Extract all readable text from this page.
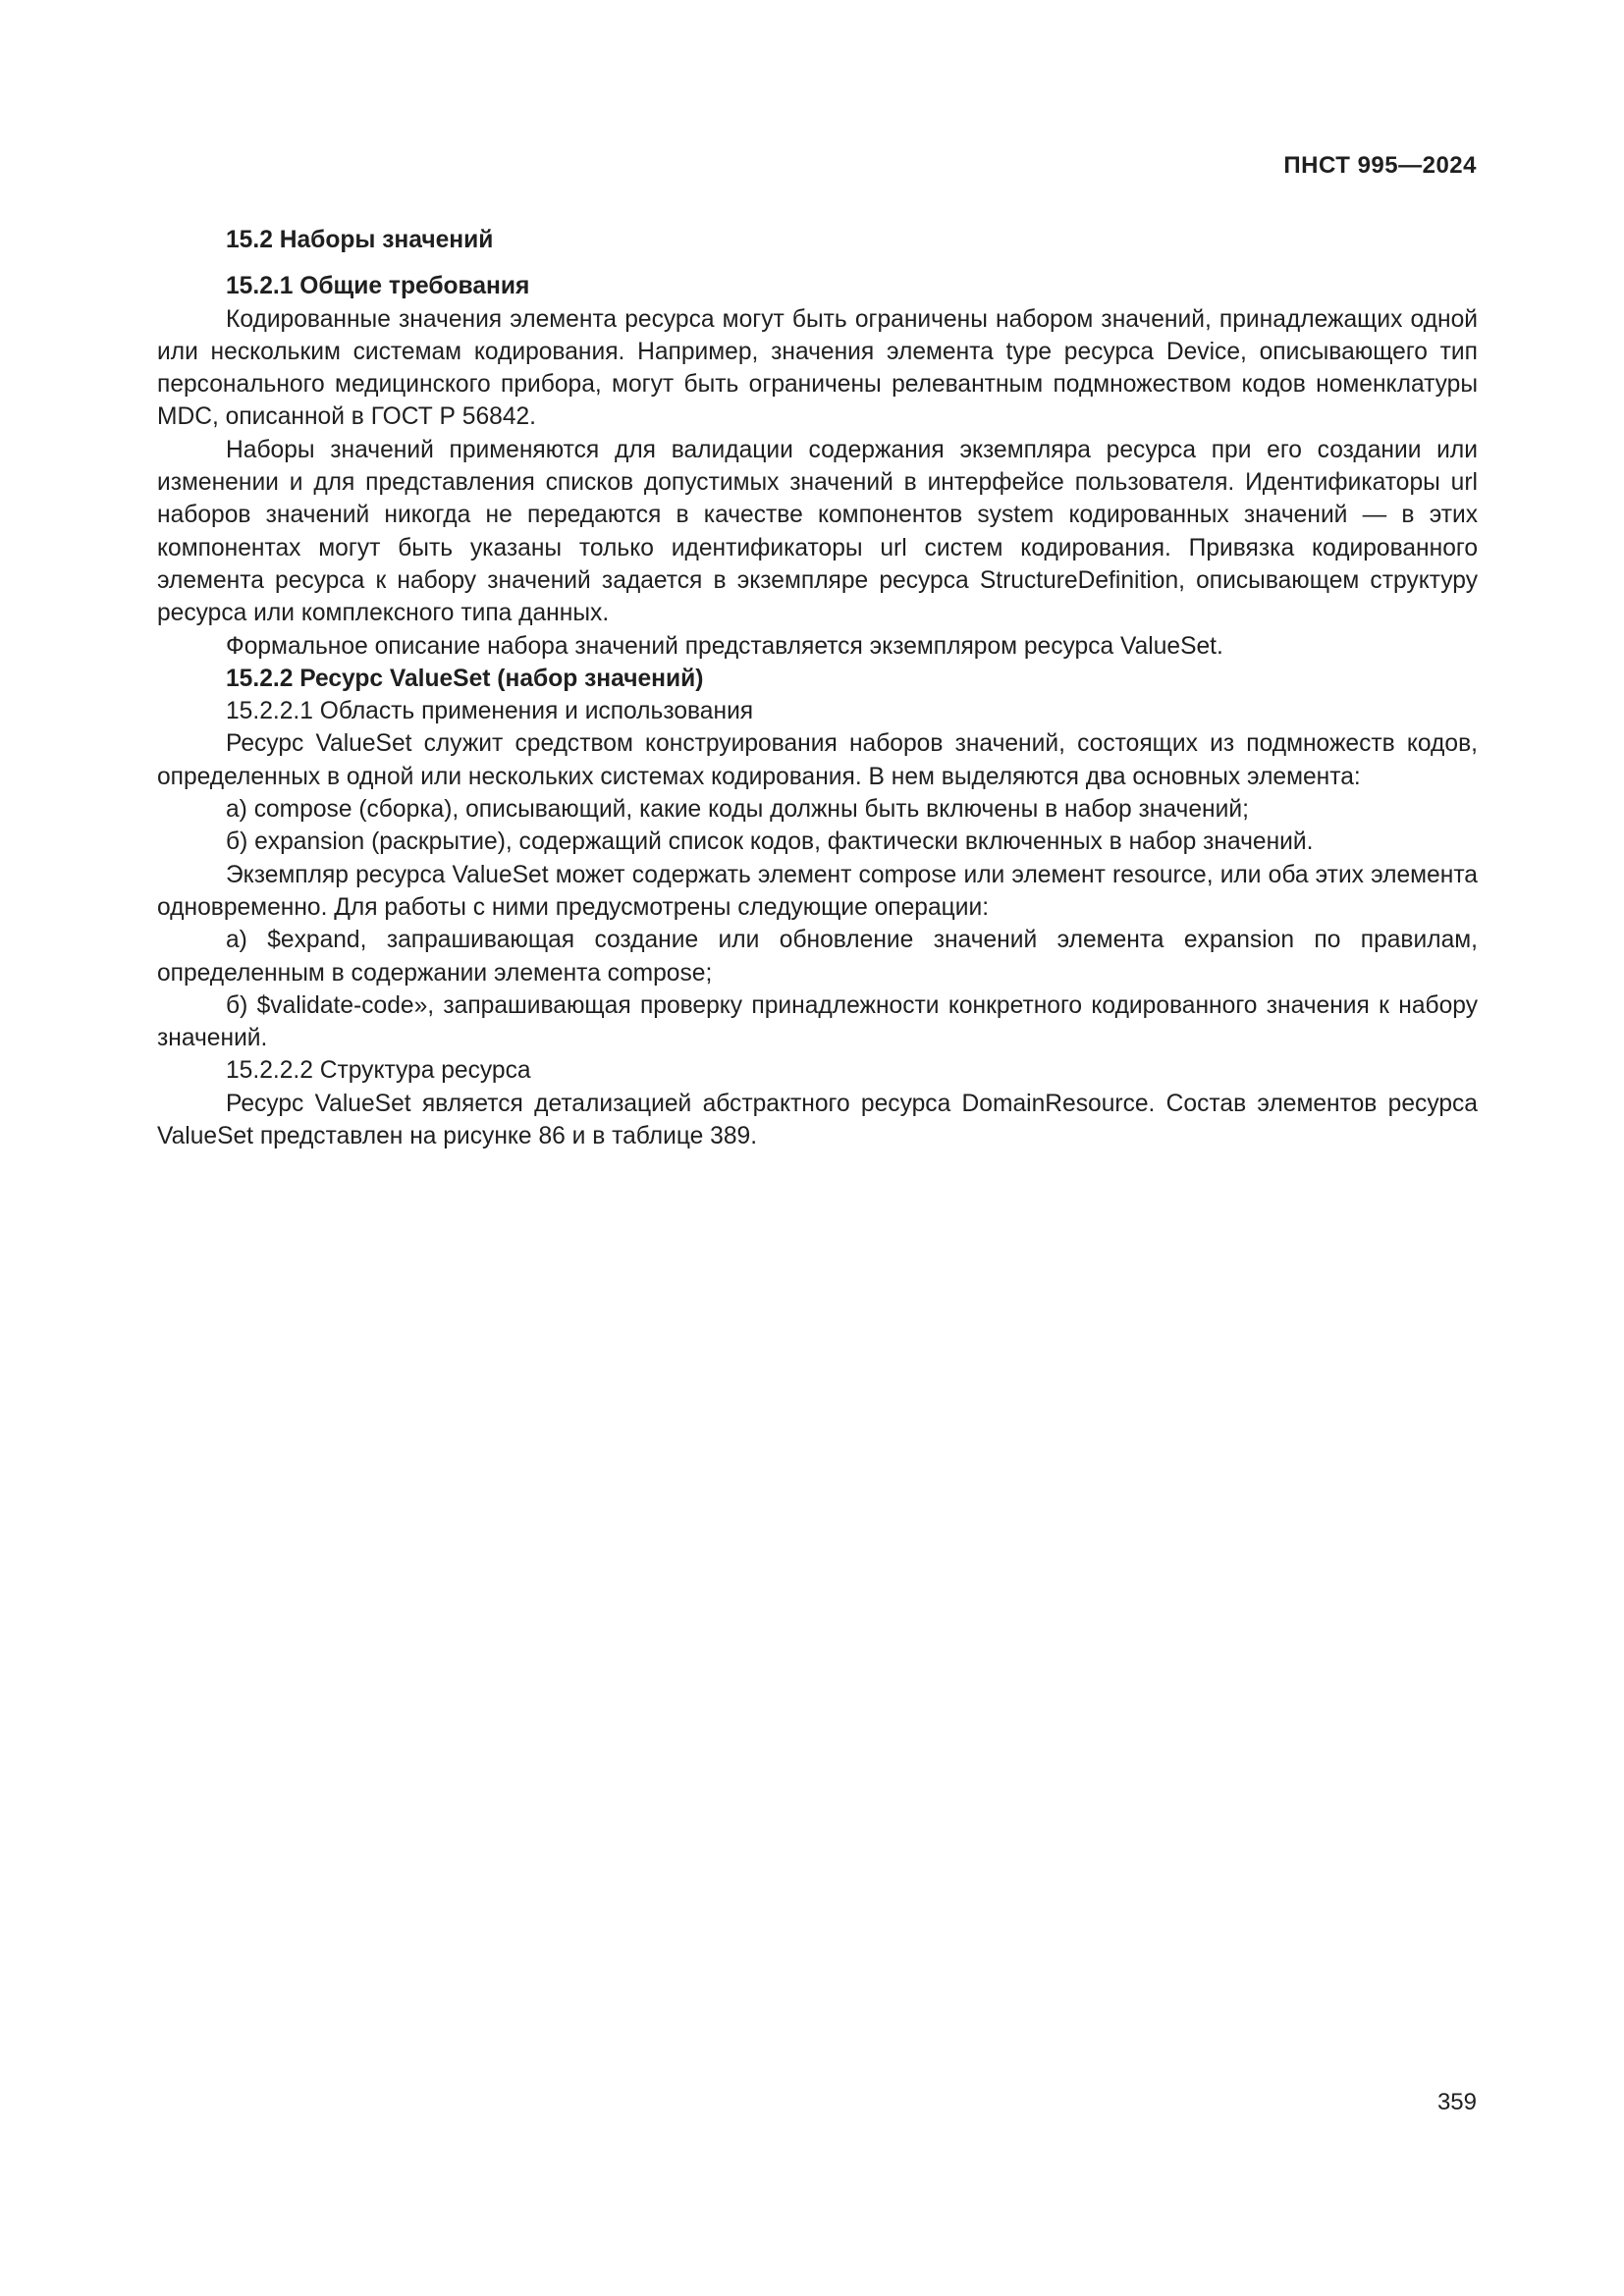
ПНСТ 995—2024

15.2 Наборы значений

15.2.1 Общие требования

Кодированные значения элемента ресурса могут быть ограничены набором значений, принадлежащих одной или нескольким системам кодирования. Например, значения элемента type ресурса Device, описывающего тип персонального медицинского прибора, могут быть ограничены релевантным подмножеством кодов номенклатуры MDC, описанной в ГОСТ Р 56842.

Наборы значений применяются для валидации содержания экземпляра ресурса при его создании или изменении и для представления списков допустимых значений в интерфейсе пользователя. Идентификаторы url наборов значений никогда не передаются в качестве компонентов system кодированных значений — в этих компонентах могут быть указаны только идентификаторы url систем кодирования. Привязка кодированного элемента ресурса к набору значений задается в экземпляре ресурса StructureDefinition, описывающем структуру ресурса или комплексного типа данных.

Формальное описание набора значений представляется экземпляром ресурса ValueSet.

15.2.2 Ресурс ValueSet (набор значений)

15.2.2.1 Область применения и использования

Ресурс ValueSet служит средством конструирования наборов значений, состоящих из подмножеств кодов, определенных в одной или нескольких системах кодирования. В нем выделяются два основных элемента:

а) compose (сборка), описывающий, какие коды должны быть включены в набор значений;

б) expansion (раскрытие), содержащий список кодов, фактически включенных в набор значений.

Экземпляр ресурса ValueSet может содержать элемент compose или элемент resource, или оба этих элемента одновременно. Для работы с ними предусмотрены следующие операции:

а) $expand, запрашивающая создание или обновление значений элемента expansion по правилам, определенным в содержании элемента compose;

б) $validate-code», запрашивающая проверку принадлежности конкретного кодированного значения к набору значений.

15.2.2.2 Структура ресурса

Ресурс ValueSet является детализацией абстрактного ресурса DomainResource. Состав элементов ресурса ValueSet представлен на рисунке 86 и в таблице 389.

359
